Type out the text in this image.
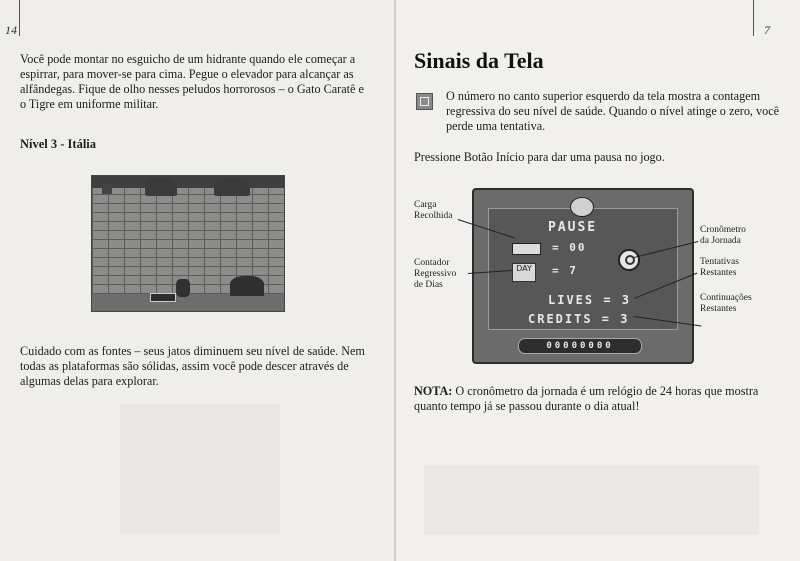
14
Você pode montar no esguicho de um hidrante quando ele começar a espirrar, para mover-se para cima. Pegue o elevador para alcançar as alfândegas. Fique de olho nesses peludos horrorosos – o Gato Caratê e o Tigre em uniforme militar.
Nível 3 - Itália
Cuidado com as fontes – seus jatos diminuem seu nível de saúde. Nem todas as plataformas são sólidas, assim você pode descer através de algumas delas para explorar.
7
Sinais da Tela
O número no canto superior esquerdo da tela mostra a contagem regressiva do seu nível de saúde. Quando o nível atinge o zero, você perde uma tentativa.
Pressione Botão Início para dar uma pausa no jogo.
PAUSE
= 00
DAY	= 7
LIVES = 3
CREDITS = 3
00000000
Carga
Recolhida
Contador
Regressivo
de Dias
Cronômetro
da Jornada
Tentativas
Restantes
Continuações
Restantes
NOTA: O cronômetro da jornada é um relógio de 24 horas que mostra quanto tempo já se passou durante o dia atual!
